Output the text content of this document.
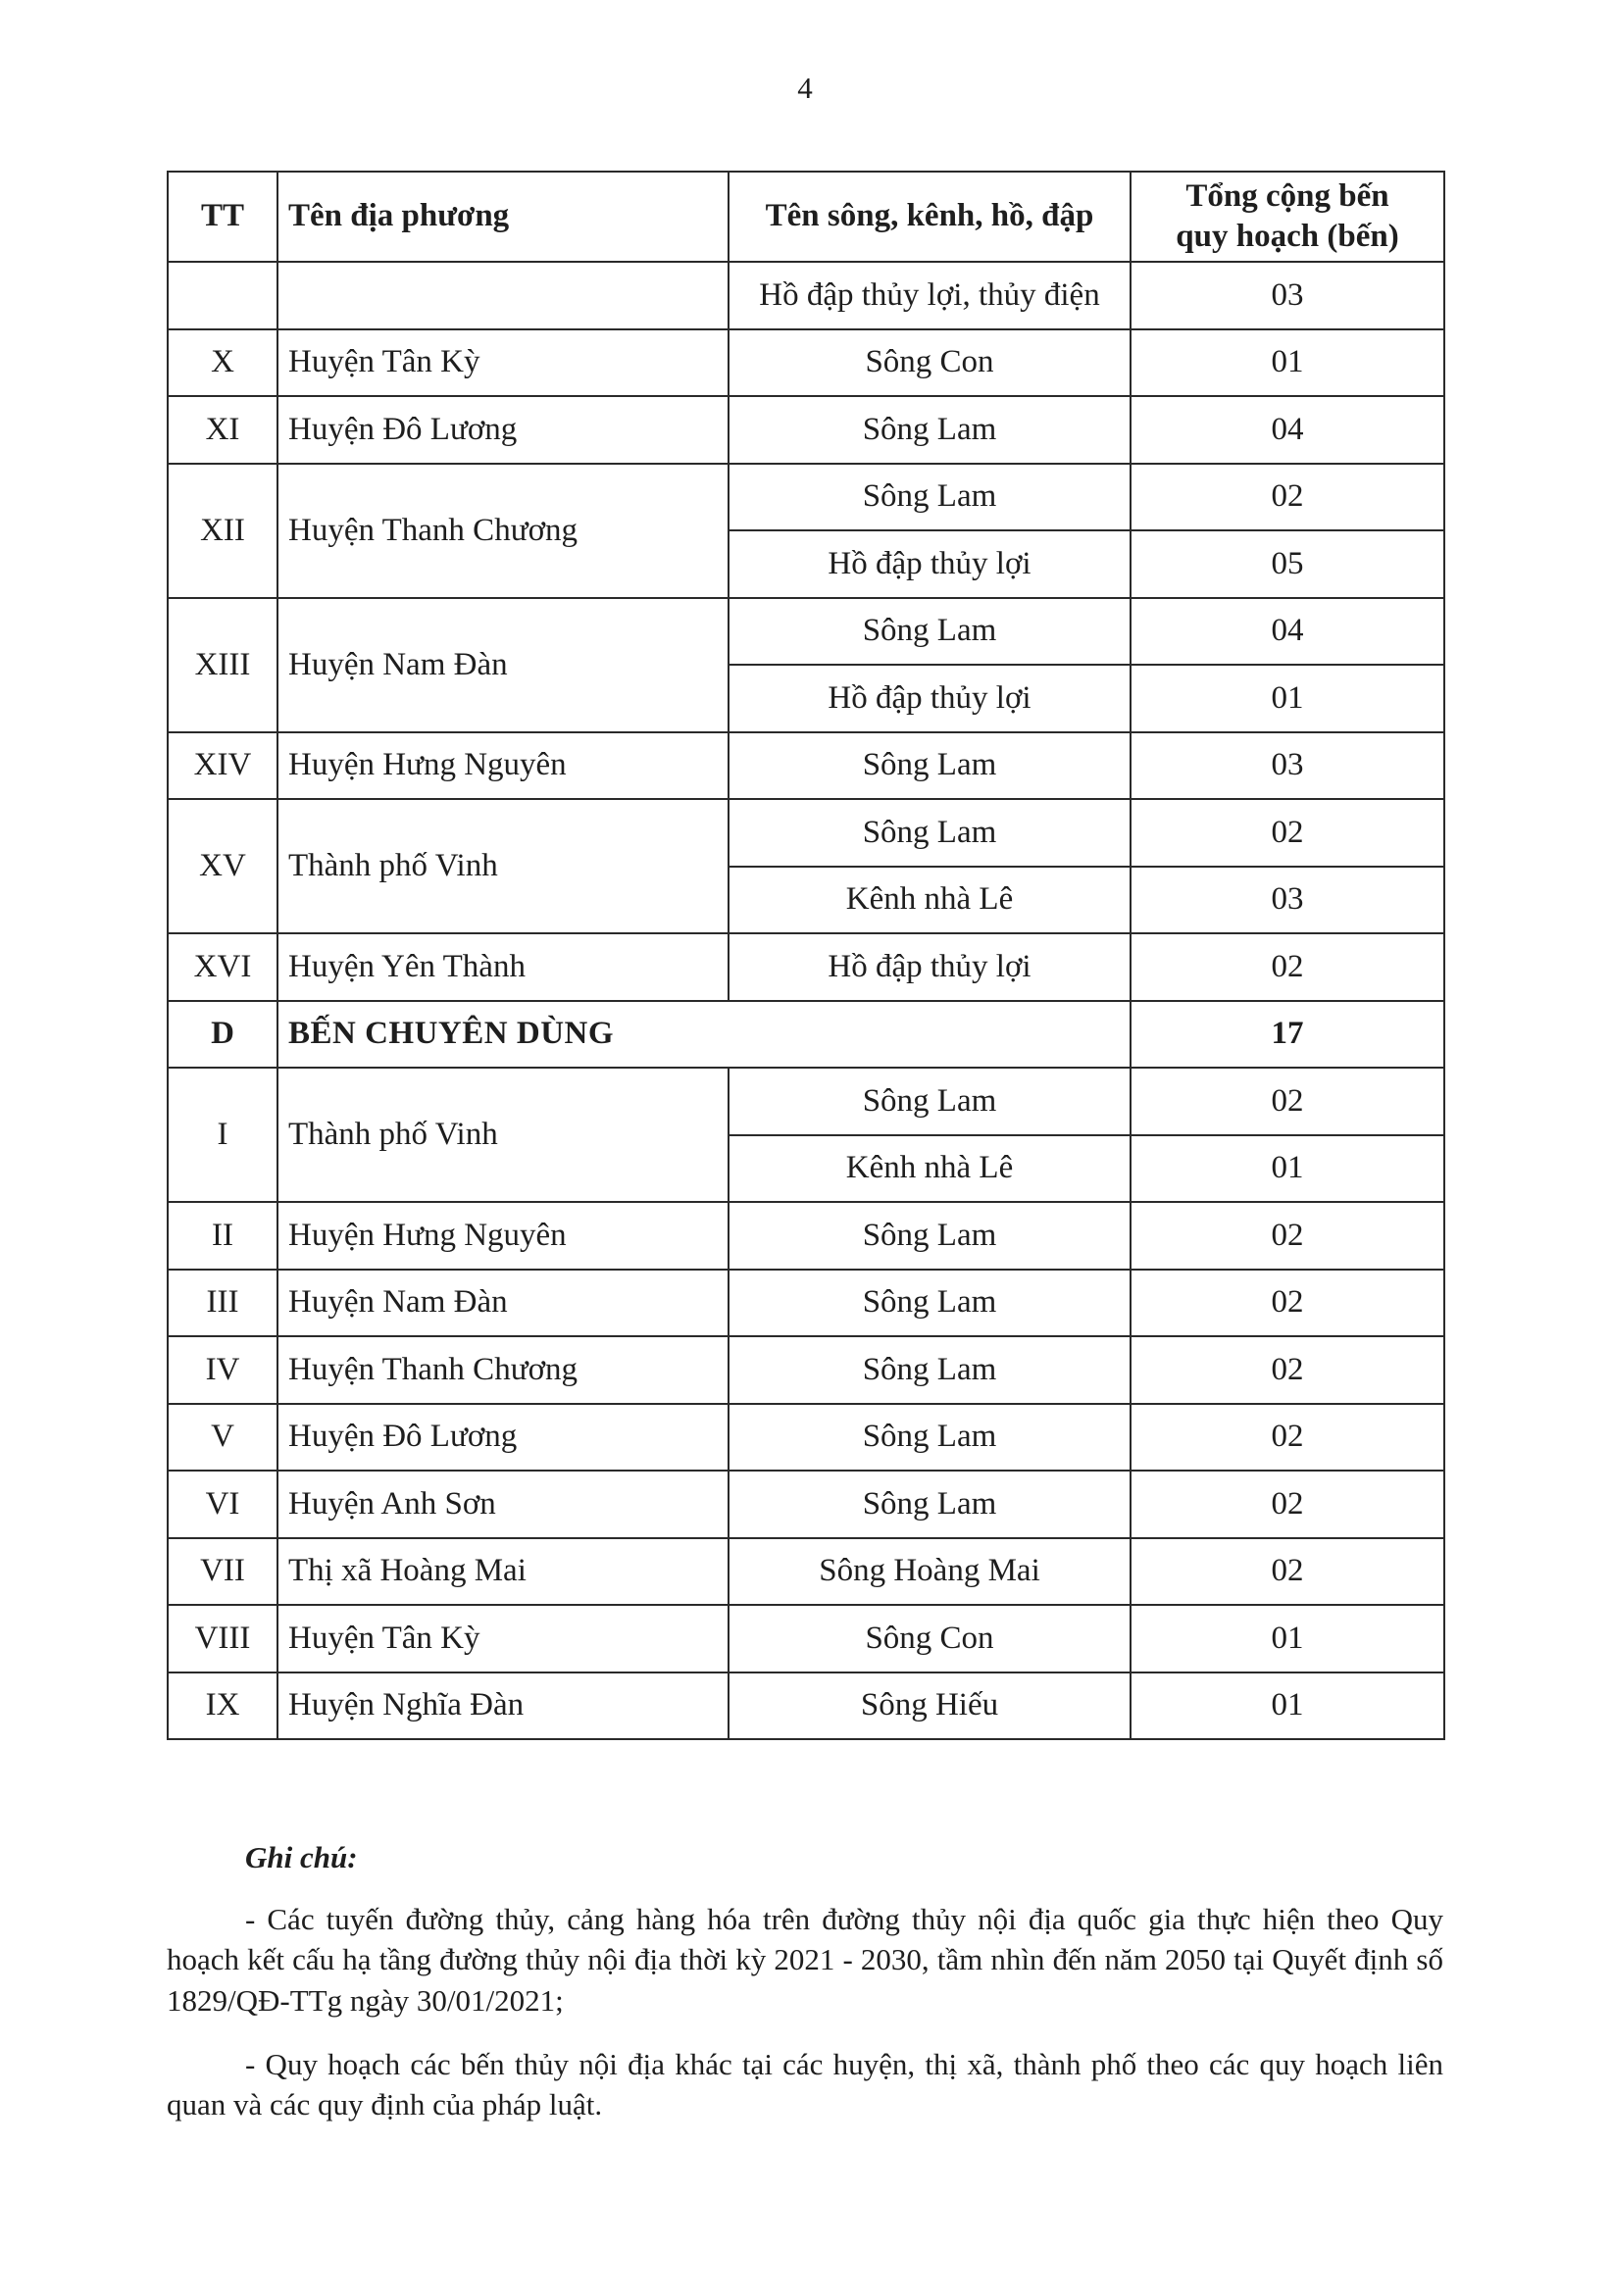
4
TT	Tên địa phương	Tên sông, kênh, hồ, đập	Tổng cộng bến
quy hoạch (bến)
		Hồ đập thủy lợi, thủy điện	03
X	Huyện Tân Kỳ	Sông Con	01
XI	Huyện Đô Lương	Sông Lam	04
XII	Huyện Thanh Chương	Sông Lam	02
		Hồ đập thủy lợi	05
XIII	Huyện Nam Đàn	Sông Lam	04
		Hồ đập thủy lợi	01
XIV	Huyện Hưng Nguyên	Sông Lam	03
XV	Thành phố Vinh	Sông Lam	02
		Kênh nhà Lê	03
XVI	Huyện Yên Thành	Hồ đập thủy lợi	02
D	BẾN CHUYÊN DÙNG		17
I	Thành phố Vinh	Sông Lam	02
		Kênh nhà Lê	01
II	Huyện Hưng Nguyên	Sông Lam	02
III	Huyện Nam Đàn	Sông Lam	02
IV	Huyện Thanh Chương	Sông Lam	02
V	Huyện Đô Lương	Sông Lam	02
VI	Huyện Anh Sơn	Sông Lam	02
VII	Thị xã Hoàng Mai	Sông Hoàng Mai	02
VIII	Huyện Tân Kỳ	Sông Con	01
IX	Huyện Nghĩa Đàn	Sông Hiếu	01
Ghi chú:

- Các tuyến đường thủy, cảng hàng hóa trên đường thủy nội địa quốc gia thực hiện theo Quy hoạch kết cấu hạ tầng đường thủy nội địa thời kỳ 2021 - 2030, tầm nhìn đến năm 2050 tại Quyết định số 1829/QĐ-TTg ngày 30/01/2021;

- Quy hoạch các bến thủy nội địa khác tại các huyện, thị xã, thành phố theo các quy hoạch liên quan và các quy định của pháp luật.
